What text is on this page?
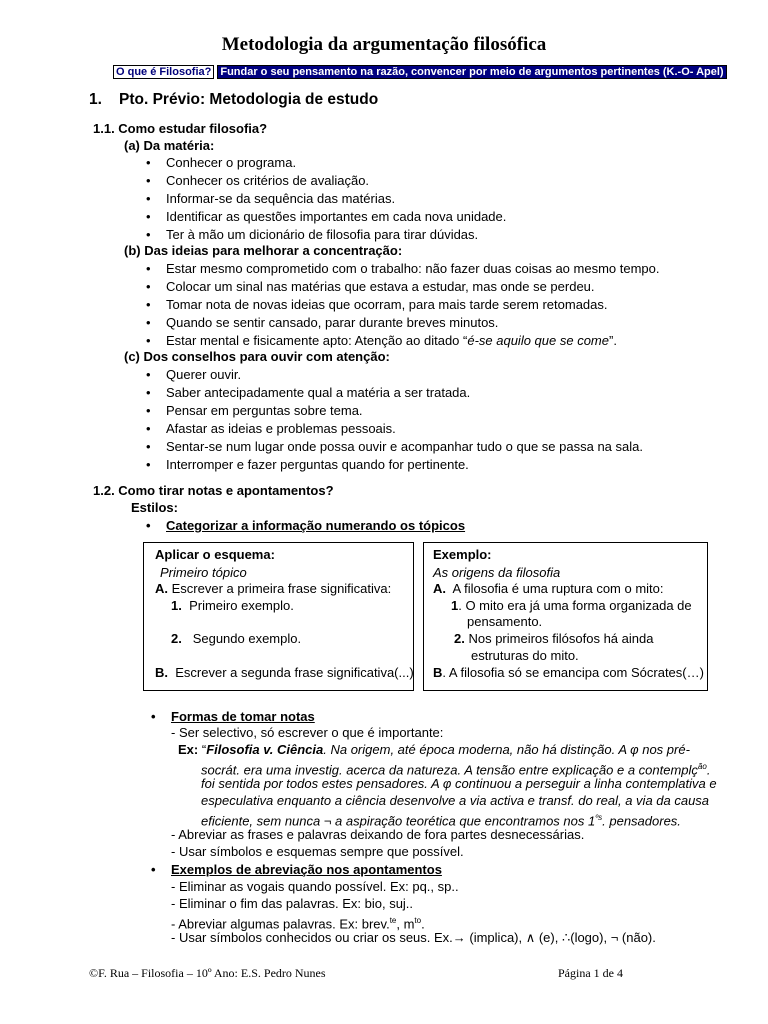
Metodologia da argumentação filosófica
O que é Filosofia? Fundar o seu pensamento na razão, convencer por meio de argumentos pertinentes (K.-O- Apel)
1. Pto. Prévio: Metodologia de estudo
1.1. Como estudar filosofia?
(a) Da matéria:
• Conhecer o programa.
• Conhecer os critérios de avaliação.
• Informar-se da sequência das matérias.
• Identificar as questões importantes em cada nova unidade.
• Ter à mão um dicionário de filosofia para tirar dúvidas.
(b) Das ideias para melhorar a concentração:
• Estar mesmo comprometido com o trabalho: não fazer duas coisas ao mesmo tempo.
• Colocar um sinal nas matérias que estava a estudar, mas onde se perdeu.
• Tomar nota de novas ideias que ocorram, para mais tarde serem retomadas.
• Quando se sentir cansado, parar durante breves minutos.
• Estar mental e fisicamente apto: Atenção ao ditado “é-se aquilo que se come”.
(c) Dos conselhos para ouvir com atenção:
• Querer ouvir.
• Saber antecipadamente qual a matéria a ser tratada.
• Pensar em perguntas sobre tema.
• Afastar as ideias e problemas pessoais.
• Sentar-se num lugar onde possa ouvir e acompanhar tudo o que se passa na sala.
• Interromper e fazer perguntas quando for pertinente.
1.2. Como tirar notas e apontamentos?
Estilos:
• Categorizar a informação numerando os tópicos
Aplicar o esquema:
Primeiro tópico
A. Escrever a primeira frase significativa:
1. Primeiro exemplo.
2. Segundo exemplo.
B. Escrever a segunda frase significativa(...)
Exemplo:
As origens da filosofia
A. A filosofia é uma ruptura com o mito:
1. O mito era já uma forma organizada de
pensamento.
2. Nos primeiros filósofos há ainda
estruturas do mito.
B. A filosofia só se emancipa com Sócrates(…)
• Formas de tomar notas
- Ser selectivo, só escrever o que é importante:
Ex: “Filosofia v. Ciência. Na origem, até época moderna, não há distinção. A φ nos pré-
socrát. era uma investig. acerca da natureza. A tensão entre explicação e a contemplç$^{ão}$.
foi sentida por todos estes pensadores. A φ continuou a perseguir a linha contemplativa e
especulativa enquanto a ciência desenvolve a via activa e transf. do real, a via da causa
eficiente, sem nunca ¬ a aspiração teorética que encontramos nos $1^{ºs}$. pensadores.
- Abreviar as frases e palavras deixando de fora partes desnecessárias.
- Usar símbolos e esquemas sempre que possível.
• Exemplos de abreviação nos apontamentos
- Eliminar as vogais quando possível. Ex: pq., sp..
- Eliminar o fim das palavras. Ex: bio, suj..
- Abreviar algumas palavras. Ex: brev.$^{te}$, $m^{to}$.
- Usar símbolos conhecidos ou criar os seus. Ex.→ (implica), ∧ (e), ∴(logo), ¬ (não).
©F. Rua – Filosofia – 10º Ano: E.S. Pedro Nunes	Página 1 de 4
